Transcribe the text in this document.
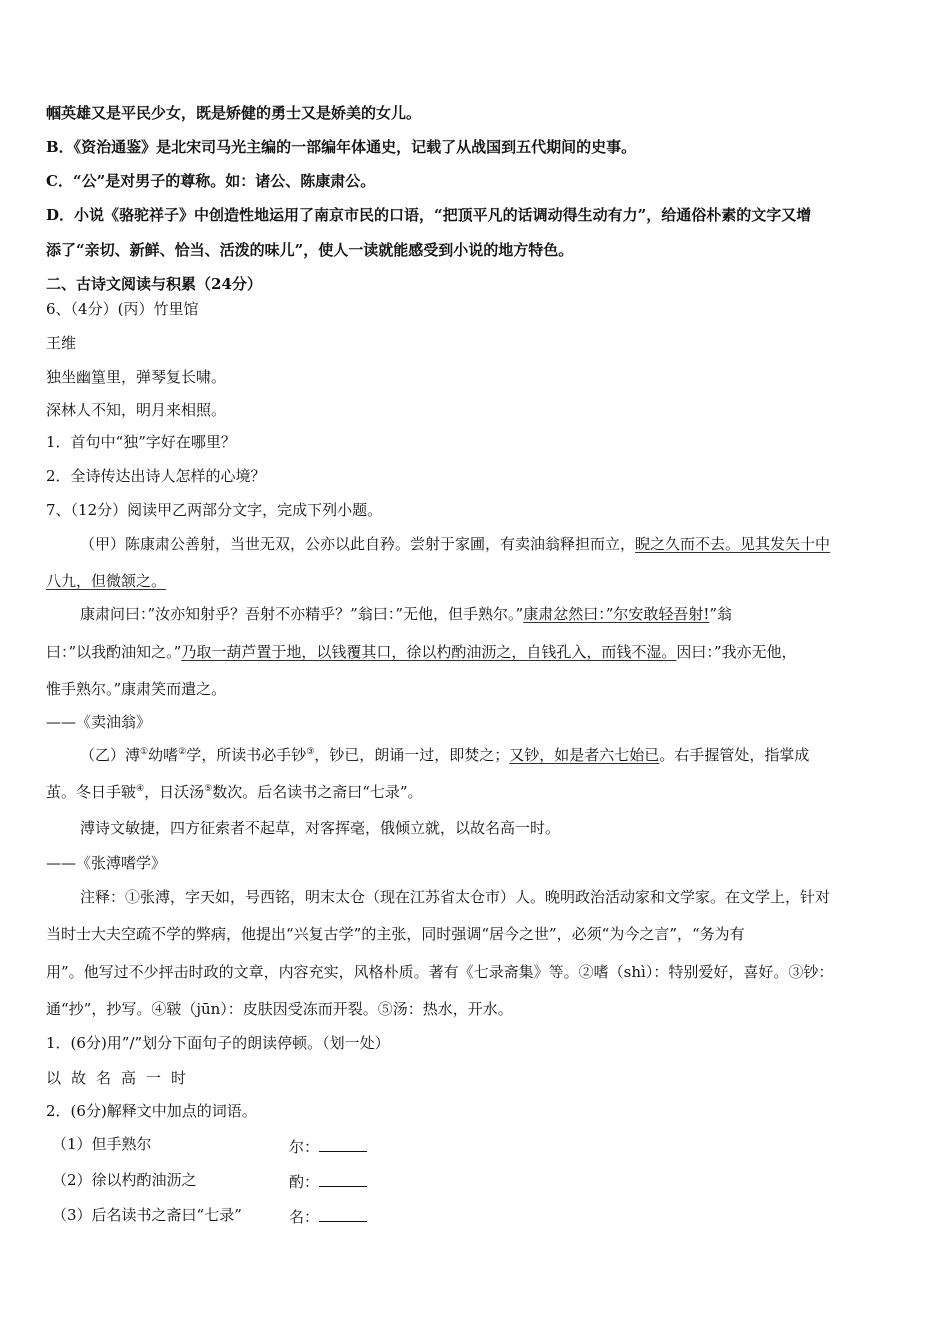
帼英雄又是平民少女，既是矫健的勇士又是娇美的女儿。
B．《资治通鉴》是北宋司马光主编的一部编年体通史，记载了从战国到五代期间的史事。
C．“公”是对男子的尊称。如：诸公、陈康肃公。
D．小说《骆驼祥子》中创造性地运用了南京市民的口语，“把顶平凡的话调动得生动有力”，给通俗朴素的文字又增
添了“亲切、新鲜、恰当、活泼的味儿”，使人一读就能感受到小说的地方特色。
二、古诗文阅读与积累（24分）
6、（4分）(丙）竹里馆
王维
独坐幽篁里，弹琴复长啸。
深林人不知，明月来相照。
1．首句中“独”字好在哪里？
2．全诗传达出诗人怎样的心境？
7、（12分）阅读甲乙两部分文字，完成下列小题。
（甲）陈康肃公善射，当世无双，公亦以此自矜。尝射于家圃，有卖油翁释担而立，睨之久而不去。见其发矢十中
八九，但微颔之。
康肃问曰：”汝亦知射乎？吾射不亦精乎？”翁曰：”无他，但手熟尔。”康肃忿然曰：”尔安敢轻吾射!”翁
曰：”以我酌油知之。”乃取一葫芦置于地，以钱覆其口，徐以杓酌油沥之，自钱孔入，而钱不湿。因曰：”我亦无他，
惟手熟尔。”康肃笑而遣之。
——《卖油翁》
（乙）溥①幼嗜②学，所读书必手钞③，钞已，朗诵一过，即焚之；又钞，如是者六七始已。右手握管处，指掌成
茧。冬日手皲④，日沃汤⑤数次。后名读书之斋曰“七录”。
溥诗文敏捷，四方征索者不起草，对客挥毫，俄倾立就，以故名高一时。
——《张溥嗜学》
注释：①张溥，字天如，号西铭，明末太仓（现在江苏省太仓市）人。晚明政治活动家和文学家。在文学上，针对
当时士大夫空疏不学的弊病，他提出“兴复古学”的主张，同时强调“居今之世”，必须“为今之言”，“务为有
用”。他写过不少抨击时政的文章，内容充实，风格朴质。著有《七录斋集》等。②嗜（shì）：特别爱好，喜好。③钞：
通“抄”，抄写。④皲（jūn）：皮肤因受冻而开裂。⑤汤：热水，开水。
1．(6分)用”/”划分下面句子的朗读停顿。（划一处）
以故名高一时
2．(6分)解释文中加点的词语。
（1）但手熟尔	尔：
（2）徐以杓酌油沥之	酌：
（3）后名读书之斋曰“七录”	名：
